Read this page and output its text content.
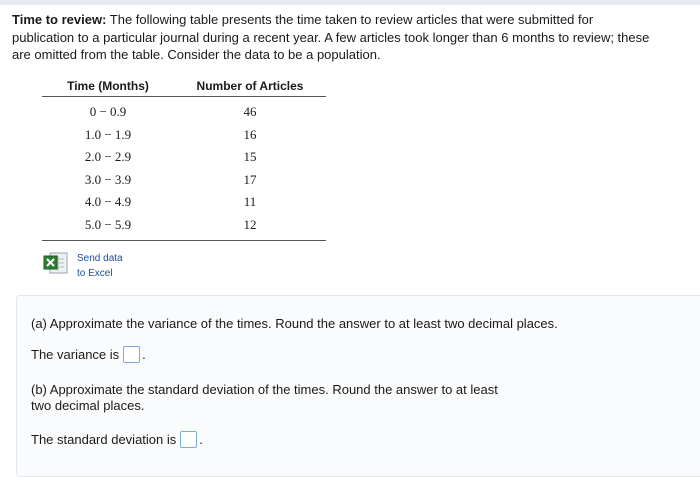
Time to review: The following table presents the time taken to review articles that were submitted for
publication to a particular journal during a recent year. A few articles took longer than 6 months to review; these
are omitted from the table. Consider the data to be a population.
Time (Months)	Number of Articles
0 − 0.9	46
1.0 − 1.9	16
2.0 − 2.9	15
3.0 − 3.9	17
4.0 − 4.9	11
5.0 − 5.9	12
Send data
to Excel
(a) Approximate the variance of the times. Round the answer to at least two decimal places.
The variance is .
(b) Approximate the standard deviation of the times. Round the answer to at least
two decimal places.
The standard deviation is .
